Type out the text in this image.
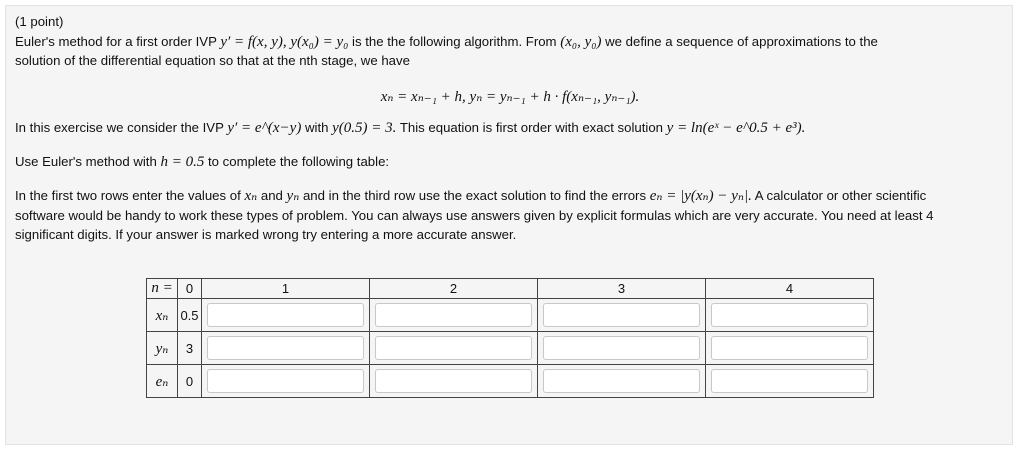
(1 point)
Euler's method for a first order IVP y′ = f(x, y), y(x₀) = y₀ is the the following algorithm. From (x₀, y₀) we define a sequence of approximations to the
solution of the differential equation so that at the nth stage, we have
xₙ = xₙ₋₁ + h, yₙ = yₙ₋₁ + h · f(xₙ₋₁, yₙ₋₁).
In this exercise we consider the IVP y′ = e^(x−y) with y(0.5) = 3. This equation is first order with exact solution y = ln(eˣ − e^0.5 + e³).
Use Euler's method with h = 0.5 to complete the following table:
In the first two rows enter the values of xₙ and yₙ and in the third row use the exact solution to find the errors eₙ = |y(xₙ) − yₙ|. A calculator or other scientific
software would be handy to work these types of problem. You can always use answers given by explicit formulas which are very accurate. You need at least 4
significant digits. If your answer is marked wrong try entering a more accurate answer.
n =	0	1	2	3	4
xₙ	0.5	

yₙ	3	

eₙ	0	
